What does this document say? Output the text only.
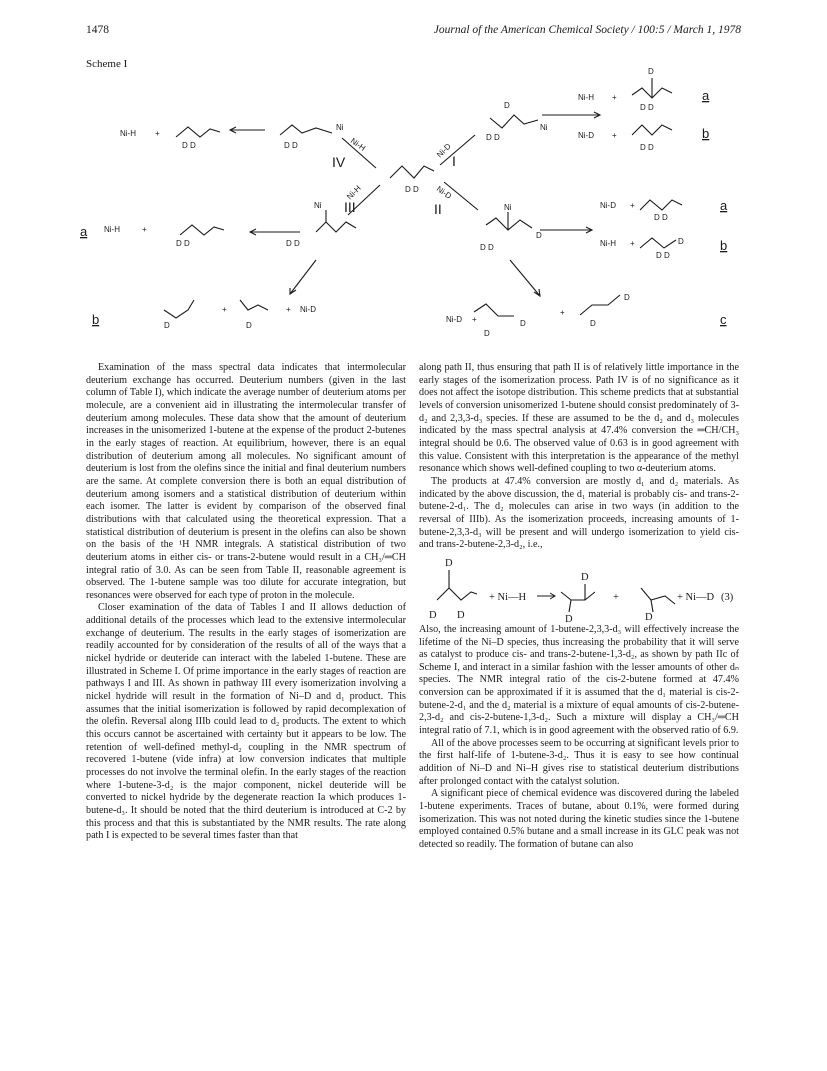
1478	Journal of the American Chemical Society / 100:5 / March 1, 1978
Scheme I
Ni-H +
D D
D
Ni-D +
D D
Ni-H +
D D	D D
Ni
D
D D
Ni
D D
Ni
Ni-H	+
D D	D D
Ni
D
D D
Ni-D +
D D
Ni-H +	D
D D
D
+
D
+ Ni-D
Ni-D +
D
D
+
D
D
Ni-H	Ni-D
Ni-H	Ni-D
IV	I
III	II
a
b
a
a
b
b	c

Examination of the mass spectral data indicates that intermolecular deuterium exchange has occurred. Deuterium numbers (given in the last column of Table I), which indicate the average number of deuterium atoms per molecule, are a convenient aid in illustrating the intermolecular transfer of deuterium among molecules. These data show that the amount of deuterium increases in the unisomerized 1-butene at the expense of the product 2-butenes in the early stages of reaction. At equilibrium, however, there is an equal distribution of deuterium among all molecules. No significant amount of deuterium is lost from the olefins since the initial and final deuterium numbers are the same. At complete conversion there is both an equal distribution of deuterium among isomers and a statistical distribution of deuterium within each isomer. The latter is evident by comparison of the observed final distributions with that calculated using the theoretical expression. That a statistical distribution of deuterium is present in the olefins can also be shown on the basis of the ¹H NMR integrals. A statistical distribution of two deuterium atoms in either cis- or trans-2-butene would result in a CH₃/═CH integral ratio of 3.0. As can be seen from Table II, reasonable agreement is observed. The 1-butene sample was too dilute for accurate integration, but resonances were observed for each type of proton in the molecule.

Closer examination of the data of Tables I and II allows deduction of additional details of the processes which lead to the extensive intermolecular exchange of deuterium. The results in the early stages of isomerization are readily accounted for by consideration of the results of all of the ways that a nickel hydride or deuteride can interact with the labeled 1-butene. These are illustrated in Scheme I. Of prime importance in the early stages of reaction are pathways I and III. As shown in pathway III every isomerization involving a nickel hydride will result in the formation of Ni–D and d₁ product. This assumes that the initial isomerization is followed by rapid decomplexation of the olefin. Reversal along IIIb could lead to d₂ products. The extent to which this occurs cannot be ascertained with certainty but it appears to be low. The retention of well-defined methyl-d₂ coupling in the NMR spectrum of recovered 1-butene (vide infra) at low conversion indicates that multiple processes do not involve the terminal olefin. In the early stages of the reaction where 1-butene-3-d₂ is the major component, nickel deuteride will be converted to nickel hydride by the degenerate reaction Ia which produces 1-butene-d₃. It should be noted that the third deuterium is introduced at C-2 by this process and that this is substantiated by the NMR results. The rate along path I is expected to be several times faster than that

along path II, thus ensuring that path II is of relatively little importance in the early stages of the isomerization process. Path IV is of no significance as it does not affect the isotope distribution. This scheme predicts that at substantial levels of conversion unisomerized 1-butene should consist predominately of 3-d₂ and 2,3,3-d₃ species. If these are assumed to be the d₂ and d₃ molecules indicated by the mass spectral analysis at 47.4% conversion the ═CH/CH₃ integral should be 0.6. The observed value of 0.63 is in good agreement with this value. Consistent with this interpretation is the appearance of the methyl resonance which shows well-defined coupling to two α-deuterium atoms.

The products at 47.4% conversion are mostly d₁ and d₂ materials. As indicated by the above discussion, the d₁ material is probably cis- and trans-2-butene-2-d₁. The d₂ molecules can arise in two ways (in addition to the reversal of IIIb). As the isomerization proceeds, increasing amounts of 1-butene-2,3,3-d₃ will be present and will undergo isomerization to yield cis- and trans-2-butene-2,3-d₂, i.e.,

D
D D
+ Ni—H
D
D
+
D
+ Ni—D (3)

Also, the increasing amount of 1-butene-2,3,3-d₃ will effectively increase the lifetime of the Ni–D species, thus increasing the probability that it will serve as catalyst to produce cis- and trans-2-butene-1,3-d₂, as shown by path IIc of Scheme I, and interact in a similar fashion with the lesser amounts of other dₙ species. The NMR integral ratio of the cis-2-butene formed at 47.4% conversion can be approximated if it is assumed that the d₁ material is cis-2-butene-2-d₁ and the d₂ material is a mixture of equal amounts of cis-2-butene-2,3-d₂ and cis-2-butene-1,3-d₂. Such a mixture will display a CH₃/═CH integral ratio of 7.1, which is in good agreement with the observed ratio of 6.9.

All of the above processes seem to be occurring at significant levels prior to the first half-life of 1-butene-3-d₂. Thus it is easy to see how continual addition of Ni–D and Ni–H gives rise to statistical deuterium distributions after prolonged contact with the catalyst solution.

A significant piece of chemical evidence was discovered during the labeled 1-butene experiments. Traces of butane, about 0.1%, were formed during isomerization. This was not noted during the kinetic studies since the 1-butene employed contained 0.5% butane and a small increase in its GLC peak was not detected so readily. The formation of butane can also
